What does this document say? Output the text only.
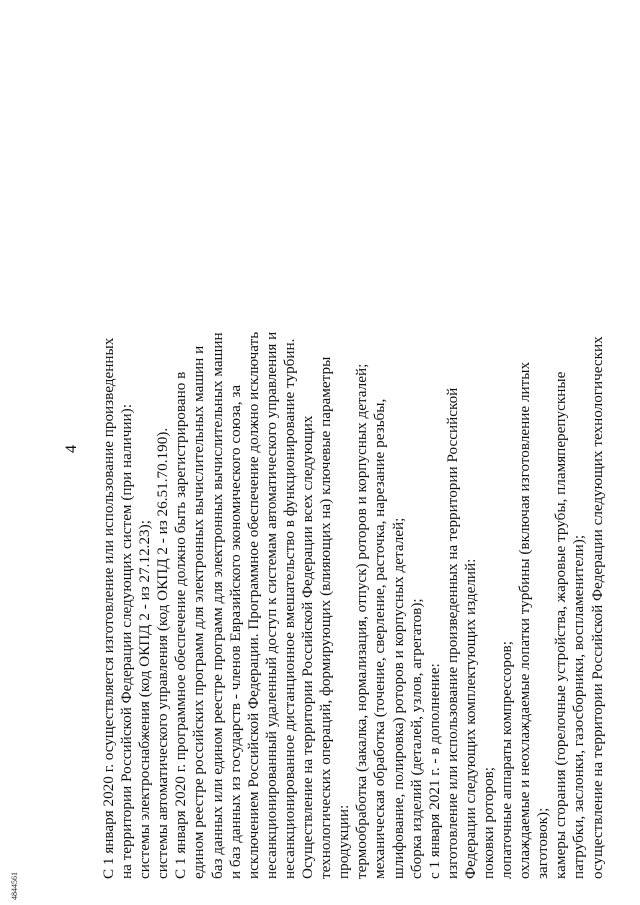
4 С 1 января 2020 г. осуществляется изготовление или использование произведенных на территории Российской Федерации следующих систем (при наличии): системы электроснабжения (код ОКПД 2 - из 27.12.23); системы автоматического управления (код ОКПД 2 - из 26.51.70.190). С 1 января 2020 г. программное обеспечение должно быть зарегистрировано в едином реестре российских программ для электронных вычислительных машин и баз данных или едином реестре программ для электронных вычислительных машин и баз данных из государств - членов Евразийского экономического союза, за исключением Российской Федерации. Программное обеспечение должно исключать несанкционированный удаленный доступ к системам автоматического управления и несанкционированное дистанционное вмешательство в функционирование турбин. Осуществление на территории Российской Федерации всех следующих технологических операций, формирующих (влияющих на) ключевые параметры продукции: термообработка (закалка, нормализация, отпуск) роторов и корпусных деталей; механическая обработка (точение, сверление, расточка, нарезание резьбы, шлифование, полировка) роторов и корпусных деталей; сборка изделий (деталей, узлов, агрегатов); с 1 января 2021 г. - в дополнение: изготовление или использование произведенных на территории Российской Федерации следующих комплектующих изделий: поковки роторов; лопаточные аппараты компрессоров; охлаждаемые и неохлаждаемые лопатки турбины (включая изготовление литых заготовок); камеры сгорания (горелочные устройства, жаровые трубы, пламяперепускные патрубки, заслонки, газосборники, воспламенители); осуществление на территории Российской Федерации следующих технологических

4844561
